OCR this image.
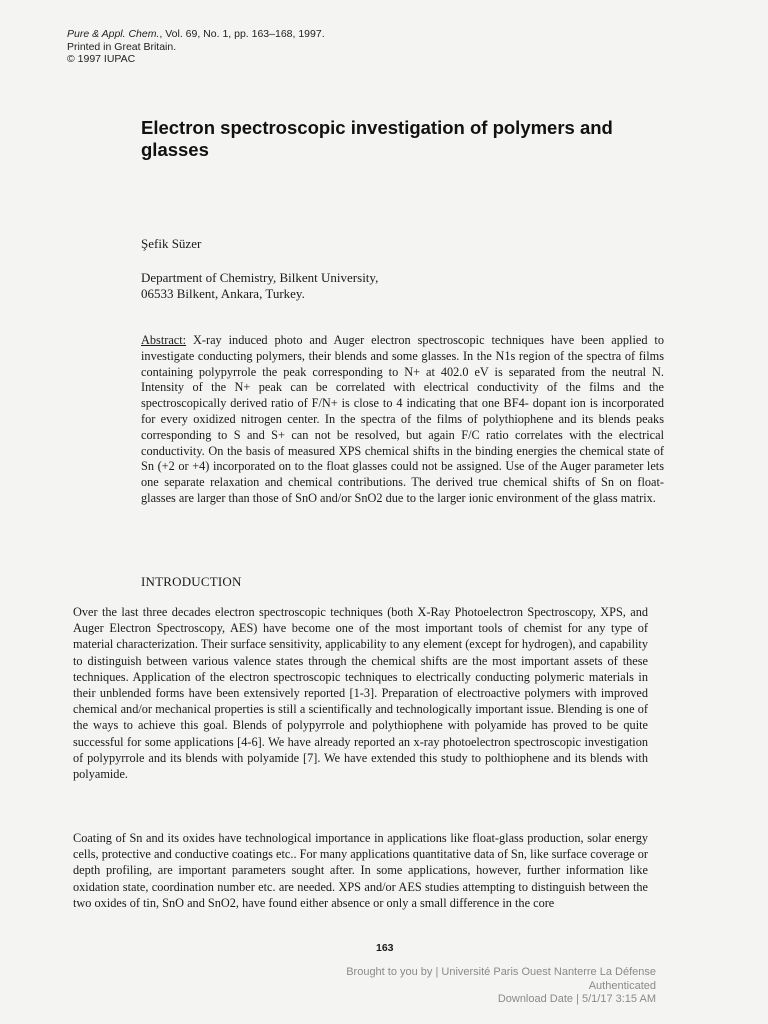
Pure & Appl. Chem., Vol. 69, No. 1, pp. 163–168, 1997.
Printed in Great Britain.
© 1997 IUPAC
Electron spectroscopic investigation of polymers and glasses
Şefik Süzer
Department of Chemistry, Bilkent University,
06533 Bilkent, Ankara, Turkey.

Abstract: X-ray induced photo and Auger electron spectroscopic techniques have been applied to investigate conducting polymers, their blends and some glasses. In the N1s region of the spectra of films containing polypyrrole the peak corresponding to N+ at 402.0 eV is separated from the neutral N. Intensity of the N+ peak can be correlated with electrical conductivity of the films and the spectroscopically derived ratio of F/N+ is close to 4 indicating that one BF4- dopant ion is incorporated for every oxidized nitrogen center. In the spectra of the films of polythiophene and its blends peaks corresponding to S and S+ can not be resolved, but again F/C ratio correlates with the electrical conductivity. On the basis of measured XPS chemical shifts in the binding energies the chemical state of Sn (+2 or +4) incorporated on to the float glasses could not be assigned. Use of the Auger parameter lets one separate relaxation and chemical contributions. The derived true chemical shifts of Sn on float-glasses are larger than those of SnO and/or SnO2 due to the larger ionic environment of the glass matrix.

INTRODUCTION

Over the last three decades electron spectroscopic techniques (both X-Ray Photoelectron Spectroscopy, XPS, and Auger Electron Spectroscopy, AES) have become one of the most important tools of chemist for any type of material characterization. Their surface sensitivity, applicability to any element (except for hydrogen), and capability to distinguish between various valence states through the chemical shifts are the most important assets of these techniques. Application of the electron spectroscopic techniques to electrically conducting polymeric materials in their unblended forms have been extensively reported [1-3]. Preparation of electroactive polymers with improved chemical and/or mechanical properties is still a scientifically and technologically important issue. Blending is one of the ways to achieve this goal. Blends of polypyrrole and polythiophene with polyamide has proved to be quite successful for some applications [4-6]. We have already reported an x-ray photoelectron spectroscopic investigation of polypyrrole and its blends with polyamide [7]. We have extended this study to polthiophene and its blends with polyamide.

Coating of Sn and its oxides have technological importance in applications like float-glass production, solar energy cells, protective and conductive coatings etc.. For many applications quantitative data of Sn, like surface coverage or depth profiling, are important parameters sought after. In some applications, however, further information like oxidation state, coordination number etc. are needed. XPS and/or AES studies attempting to distinguish between the two oxides of tin, SnO and SnO2, have found either absence or only a small difference in the core

163
Brought to you by | Université Paris Ouest Nanterre La Défense
Authenticated
Download Date | 5/1/17 3:15 AM
